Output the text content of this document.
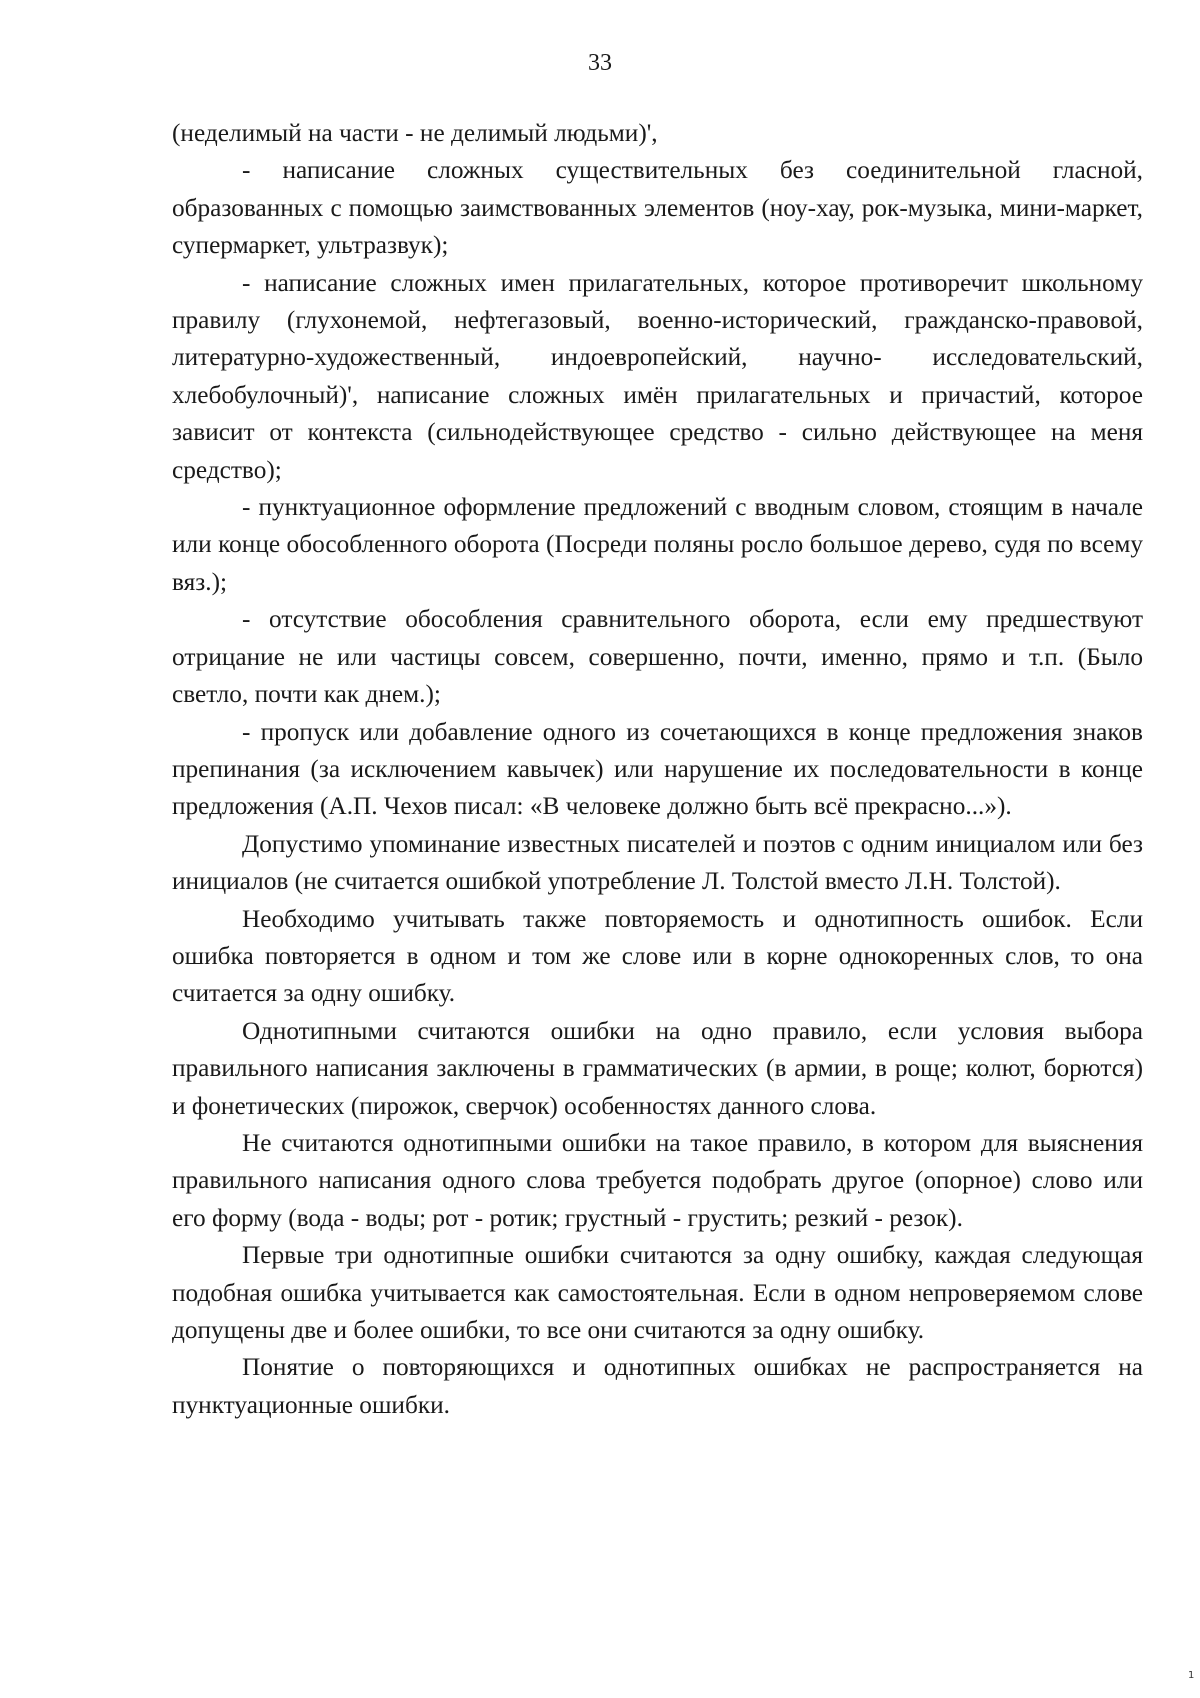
33

(неделимый на части - не делимый людьми)',

- написание сложных существительных без соединительной гласной, образованных с помощью заимствованных элементов (ноу-хау, рок-музыка, мини-маркет, супермаркет, ультразвук);

- написание сложных имен прилагательных, которое противоречит школьному правилу (глухонемой, нефтегазовый, военно-исторический, гражданско-правовой, литературно-художественный, индоевропейский, научно- исследовательский, хлебобулочный)', написание сложных имён прилагательных и причастий, которое зависит от контекста (сильнодействующее средство - сильно действующее на меня средство);

- пунктуационное оформление предложений с вводным словом, стоящим в начале или конце обособленного оборота (Посреди поляны росло большое дерево, судя по всему вяз.);

- отсутствие обособления сравнительного оборота, если ему предшествуют отрицание не или частицы совсем, совершенно, почти, именно, прямо и т.п. (Было светло, почти как днем.);

- пропуск или добавление одного из сочетающихся в конце предложения знаков препинания (за исключением кавычек) или нарушение их последовательности в конце предложения (А.П. Чехов писал: «В человеке должно быть всё прекрасно...»).

Допустимо упоминание известных писателей и поэтов с одним инициалом или без инициалов (не считается ошибкой употребление Л. Толстой вместо Л.Н. Толстой).

Необходимо учитывать также повторяемость и однотипность ошибок. Если ошибка повторяется в одном и том же слове или в корне однокоренных слов, то она считается за одну ошибку.

Однотипными считаются ошибки на одно правило, если условия выбора правильного написания заключены в грамматических (в армии, в роще; колют, борются) и фонетических (пирожок, сверчок) особенностях данного слова.

Не считаются однотипными ошибки на такое правило, в котором для выяснения правильного написания одного слова требуется подобрать другое (опорное) слово или его форму (вода - воды; рот - ротик; грустный - грустить; резкий - резок).

Первые три однотипные ошибки считаются за одну ошибку, каждая следующая подобная ошибка учитывается как самостоятельная. Если в одном непроверяемом слове допущены две и более ошибки, то все они считаются за одну ошибку.

Понятие о повторяющихся и однотипных ошибках не распространяется на пунктуационные ошибки.

1
